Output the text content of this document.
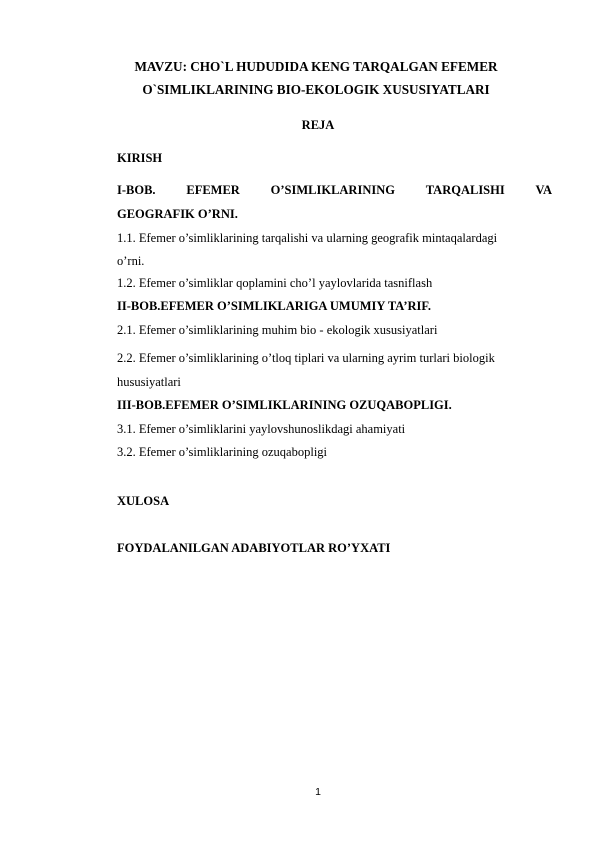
MAVZU: CHO`L HUDUDIDA KENG TARQALGAN EFEMER
O`SIMLIKLARINING BIO-EKOLOGIK XUSUSIYATLARI
REJA
KIRISH
I-BOB. EFEMER O’SIMLIKLARINING TARQALISHI VA
GEOGRAFIK O’RNI.
1.1. Efemer o’simliklarining tarqalishi va ularning geografik mintaqalardagi
o’rni.
1.2. Efemer o’simliklar qoplamini cho’l yaylovlarida tasniflash
II-BOB.EFEMER O’SIMLIKLARIGA UMUMIY TA’RIF.
2.1. Efemer o’simliklarining muhim bio - ekologik xususiyatlari
2.2. Efemer o’simliklarining o’tloq tiplari va ularning ayrim turlari biologik
hususiyatlari
III-BOB.EFEMER O’SIMLIKLARINING OZUQABOPLIGI.
3.1. Efemer o’simliklarini yaylovshunoslikdagi ahamiyati
3.2. Efemer o’simliklarining ozuqabopligi
XULOSA
FOYDALANILGAN ADABIYOTLAR RO’YXATI
1
